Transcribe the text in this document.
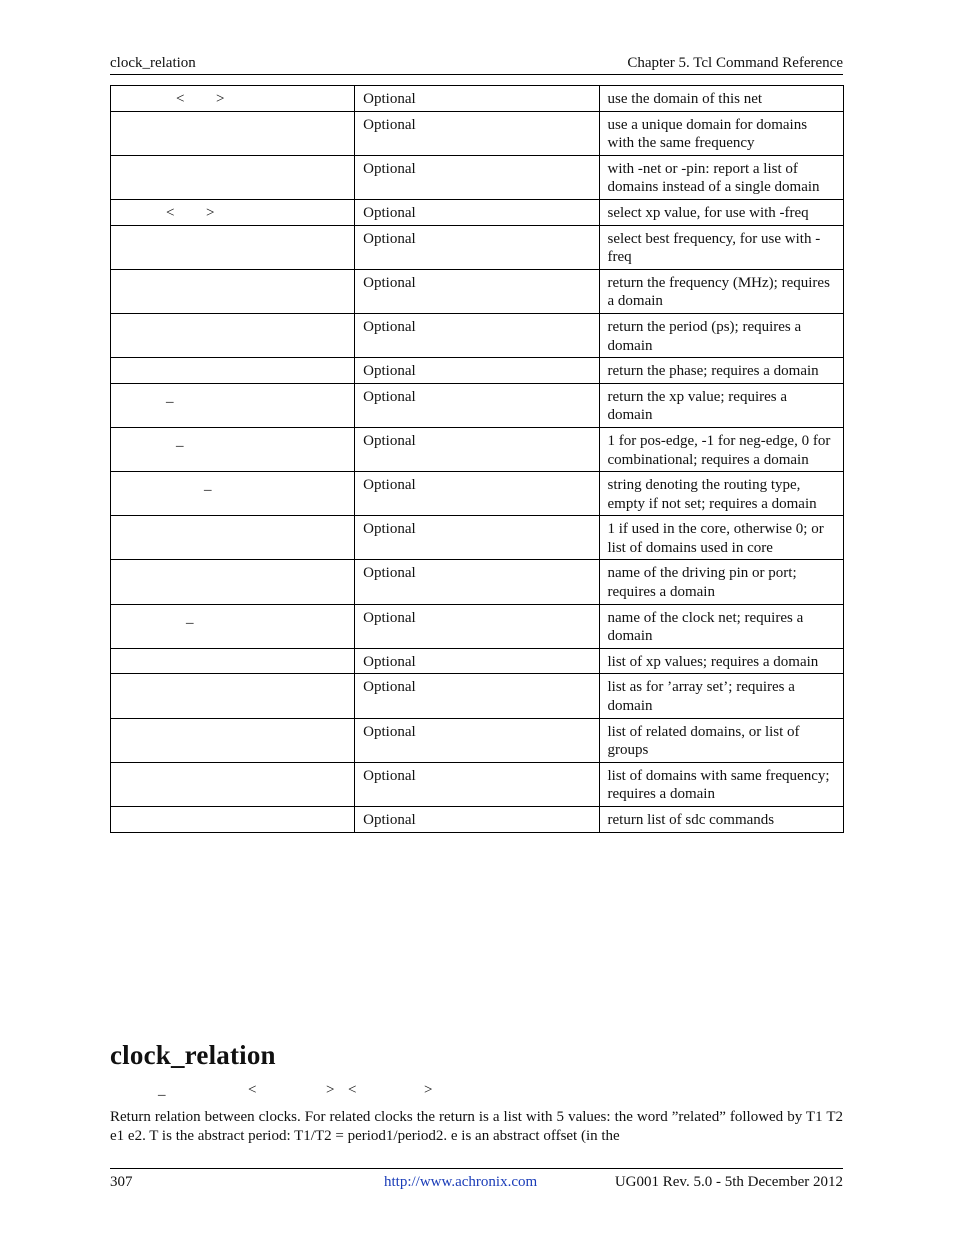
clock_relation	Chapter 5. Tcl Command Reference
< >	Optional	use the domain of this net
	Optional	use a unique domain for domains with the same frequency
	Optional	with -net or -pin: report a list of domains instead of a single domain

< >	Optional	select xp value, for use with -freq
	Optional	select best frequency, for use with -freq
	Optional	return the frequency (MHz); requires a domain
	Optional	return the period (ps); requires a domain
	Optional	return the phase; requires a domain

_	Optional	return the xp value; requires a domain

_	Optional	1 for pos-edge, -1 for neg-edge, 0 for combinational; requires a domain

_	Optional	string denoting the routing type, empty if not set; requires a domain
	Optional	1 if used in the core, otherwise 0; or list of domains used in core
	Optional	name of the driving pin or port; requires a domain

_	Optional	name of the clock net; requires a domain
	Optional	list of xp values; requires a domain
	Optional	list as for ’array set’; requires a domain
	Optional	list of related domains, or list of groups
	Optional	list of domains with same frequency; requires a domain
	Optional	return list of sdc commands
clock_relation
_	<	> <	>
Return relation between clocks. For related clocks the return is a list with 5 values: the word ”related” followed by T1 T2 e1 e2. T is the abstract period: T1/T2 = period1/period2. e is an abstract offset (in the
307	http://www.achronix.com	UG001 Rev. 5.0 - 5th December 2012
